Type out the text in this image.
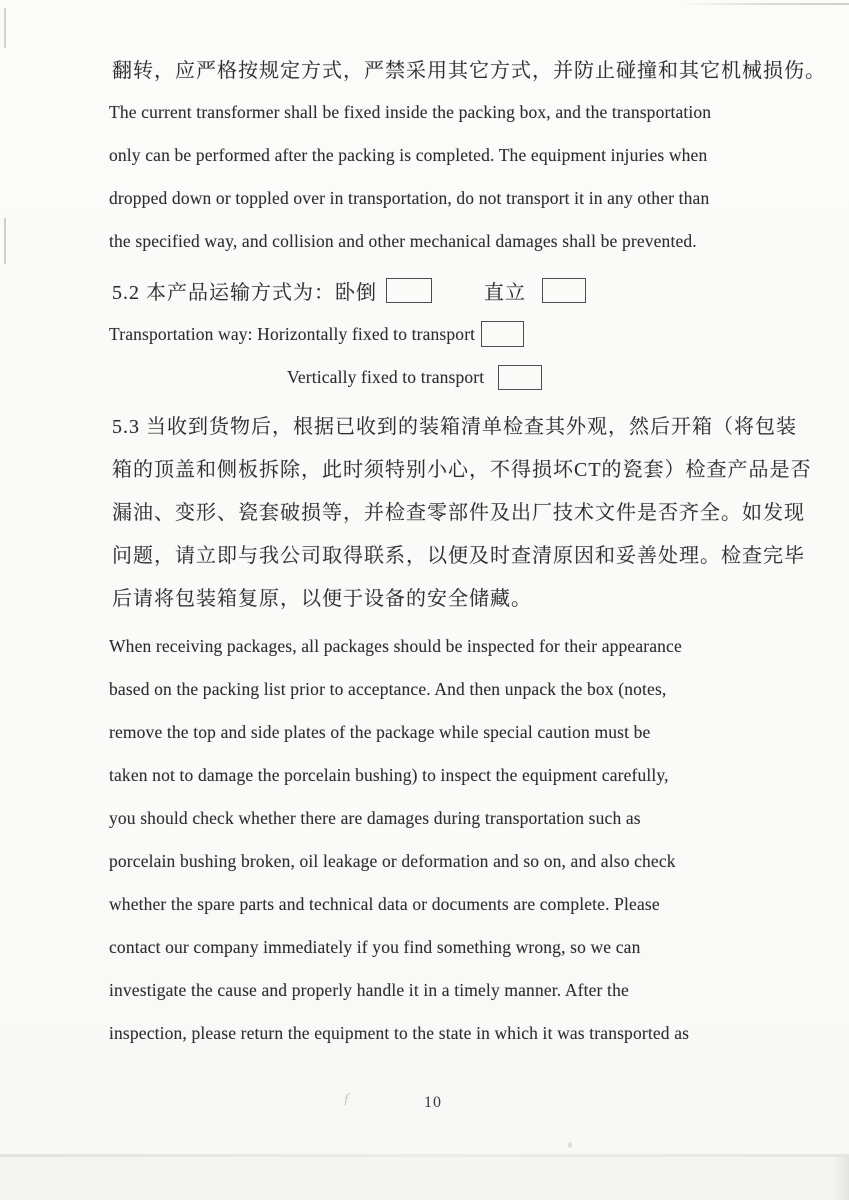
ƒ
翻转，应严格按规定方式，严禁采用其它方式，并防止碰撞和其它机械损伤。
The current transformer shall be fixed inside the packing box, and the transportation
only can be performed after the packing is completed. The equipment injuries when
dropped down or toppled over in transportation, do not transport it in any other than
the specified way, and collision and other mechanical damages shall be prevented.
5.2 本产品运输方式为：卧倒	直立
Transportation way: Horizontally fixed to transport
Vertically fixed to transport
5.3 当收到货物后，根据已收到的装箱清单检查其外观，然后开箱（将包装
箱的顶盖和侧板拆除，此时须特别小心，不得损坏CT的瓷套）检查产品是否
漏油、变形、瓷套破损等，并检查零部件及出厂技术文件是否齐全。如发现
问题，请立即与我公司取得联系，以便及时查清原因和妥善处理。检查完毕
后请将包装箱复原，以便于设备的安全储藏。
When receiving packages, all packages should be inspected for their appearance
based on the packing list prior to acceptance. And then unpack the box (notes,
remove the top and side plates of the package while special caution must be
taken not to damage the porcelain bushing) to inspect the equipment carefully,
you should check whether there are damages during transportation such as
porcelain bushing broken, oil leakage or deformation and so on, and also check
whether the spare parts and technical data or documents are complete. Please
contact our company immediately if you find something wrong, so we can
investigate the cause and properly handle it in a timely manner. After the
inspection, please return the equipment to the state in which it was transported as
10
